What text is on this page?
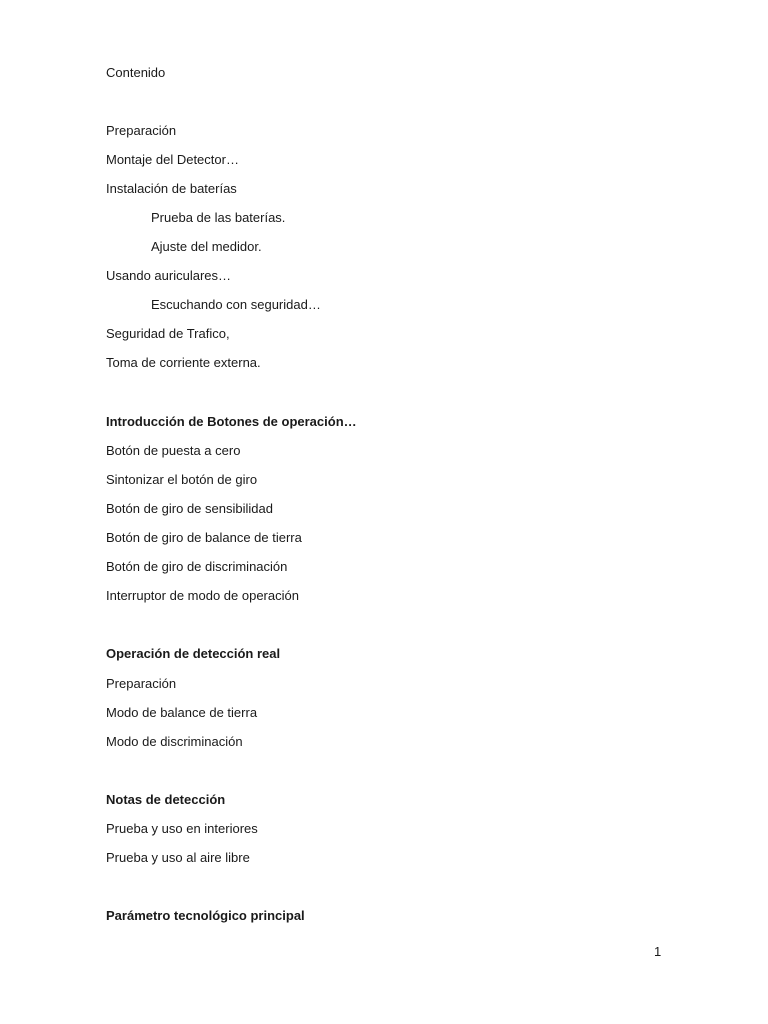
Contenido
Preparación
Montaje del Detector…
Instalación de baterías
Prueba de las baterías.
Ajuste del medidor.
Usando auriculares…
Escuchando con seguridad…
Seguridad de Trafico,
Toma de corriente externa.
Introducción de Botones de operación…
Botón de puesta a cero
Sintonizar el botón de giro
Botón de giro de sensibilidad
Botón de giro de balance de tierra
Botón de giro de discriminación
Interruptor de modo de operación
Operación de detección real
Preparación
Modo de balance de tierra
Modo de discriminación
Notas de detección
Prueba y uso en interiores
Prueba y uso al aire libre
Parámetro tecnológico principal
1
